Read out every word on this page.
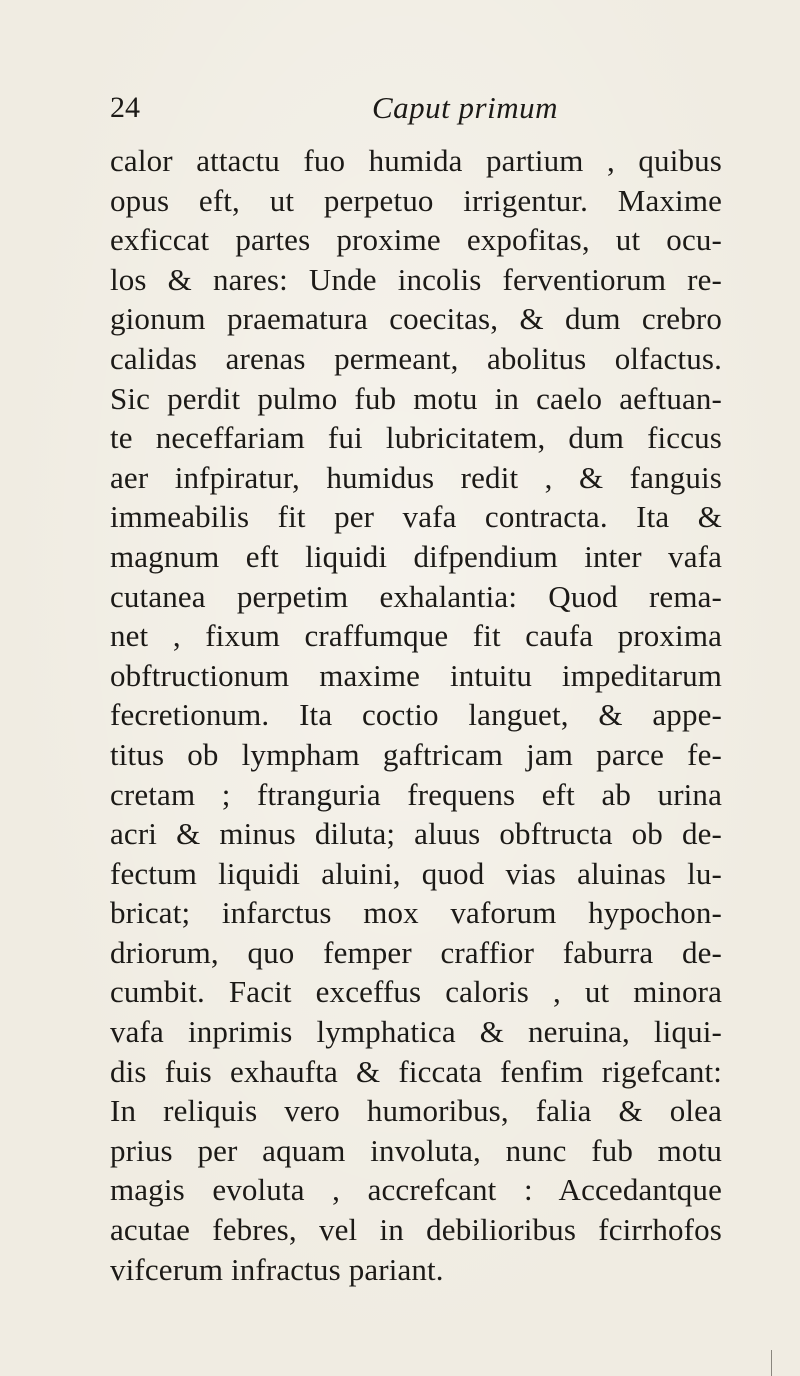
24	Caput primum
calor attactu fuo humida partium , quibus
opus eft, ut perpetuo irrigentur. Maxime
exficcat partes proxime expofitas, ut ocu-
los & nares: Unde incolis ferventiorum re-
gionum praematura coecitas, & dum crebro
calidas arenas permeant, abolitus olfactus.
Sic perdit pulmo fub motu in caelo aeftuan-
te neceffariam fui lubricitatem, dum ficcus
aer infpiratur, humidus redit , & fanguis
immeabilis fit per vafa contracta. Ita &
magnum eft liquidi difpendium inter vafa
cutanea perpetim exhalantia: Quod rema-
net , fixum craffumque fit caufa proxima
obftructionum maxime intuitu impeditarum
fecretionum. Ita coctio languet, & appe-
titus ob lympham gaftricam jam parce fe-
cretam ; ftranguria frequens eft ab urina
acri & minus diluta; aluus obftructa ob de-
fectum liquidi aluini, quod vias aluinas lu-
bricat; infarctus mox vaforum hypochon-
driorum, quo femper craffior faburra de-
cumbit. Facit exceffus caloris , ut minora
vafa inprimis lymphatica & neruina, liqui-
dis fuis exhaufta & ficcata fenfim rigefcant:
In reliquis vero humoribus, falia & olea
prius per aquam involuta, nunc fub motu
magis evoluta , accrefcant : Accedantque
acutae febres, vel in debilioribus fcirrhofos
vifcerum infractus pariant.
